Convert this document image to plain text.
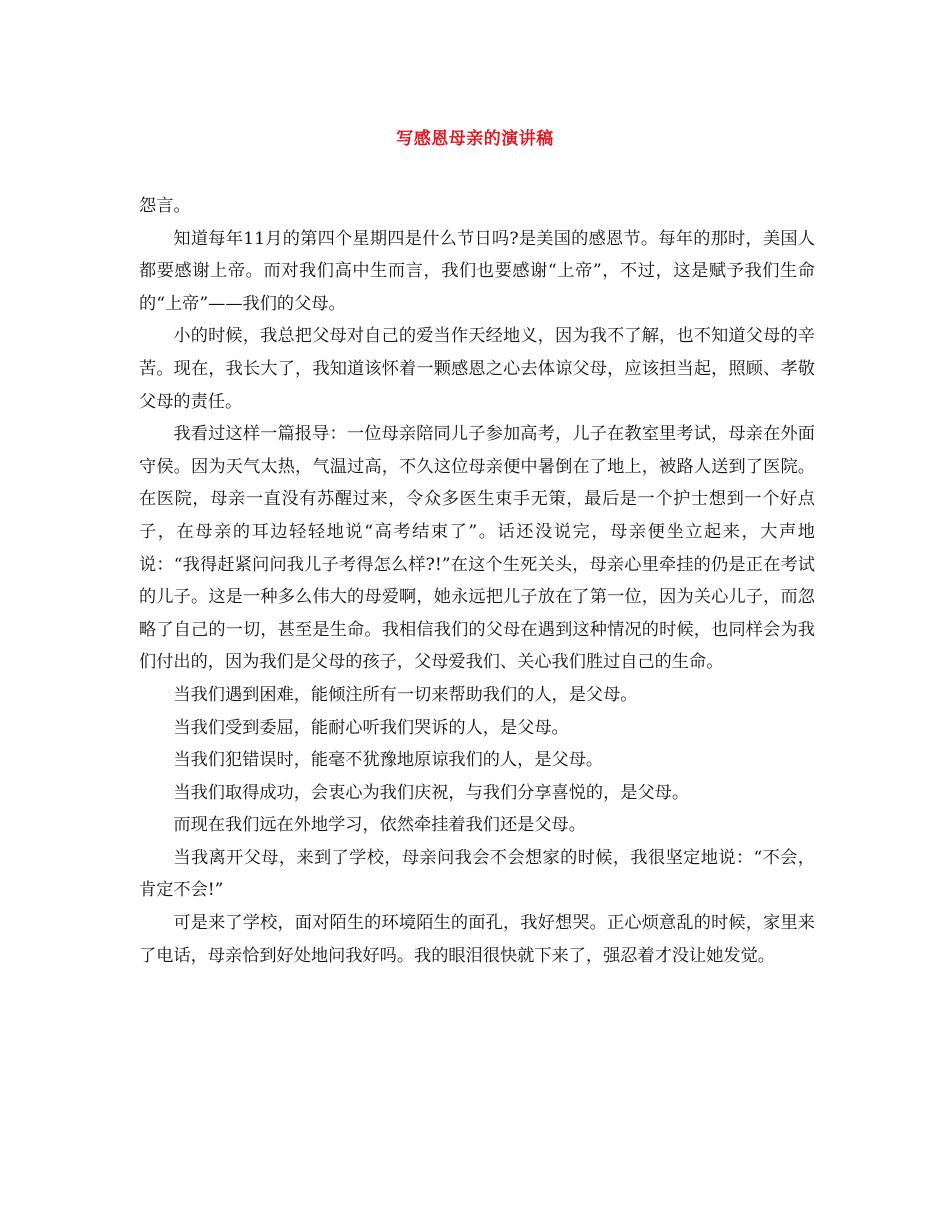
写感恩母亲的演讲稿

怨言。

知道每年11月的第四个星期四是什么节日吗?是美国的感恩节。每年的那时，美国人都要感谢上帝。而对我们高中生而言，我们也要感谢“上帝”，不过，这是赋予我们生命的“上帝”——我们的父母。

小的时候，我总把父母对自己的爱当作天经地义，因为我不了解，也不知道父母的辛苦。现在，我长大了，我知道该怀着一颗感恩之心去体谅父母，应该担当起，照顾、孝敬父母的责任。

我看过这样一篇报导：一位母亲陪同儿子参加高考，儿子在教室里考试，母亲在外面守侯。因为天气太热，气温过高，不久这位母亲便中暑倒在了地上，被路人送到了医院。在医院，母亲一直没有苏醒过来，令众多医生束手无策，最后是一个护士想到一个好点子，在母亲的耳边轻轻地说“高考结束了”。话还没说完，母亲便坐立起来，大声地说：“我得赶紧问问我儿子考得怎么样?!”在这个生死关头，母亲心里牵挂的仍是正在考试的儿子。这是一种多么伟大的母爱啊，她永远把儿子放在了第一位，因为关心儿子，而忽略了自己的一切，甚至是生命。我相信我们的父母在遇到这种情况的时候，也同样会为我们付出的，因为我们是父母的孩子，父母爱我们、关心我们胜过自己的生命。

当我们遇到困难，能倾注所有一切来帮助我们的人，是父母。

当我们受到委屈，能耐心听我们哭诉的人，是父母。

当我们犯错误时，能毫不犹豫地原谅我们的人，是父母。

当我们取得成功，会衷心为我们庆祝，与我们分享喜悦的，是父母。

而现在我们远在外地学习，依然牵挂着我们还是父母。

当我离开父母，来到了学校，母亲问我会不会想家的时候，我很坚定地说：“不会，肯定不会!”

可是来了学校，面对陌生的环境陌生的面孔，我好想哭。正心烦意乱的时候，家里来了电话，母亲恰到好处地问我好吗。我的眼泪很快就下来了，强忍着才没让她发觉。
